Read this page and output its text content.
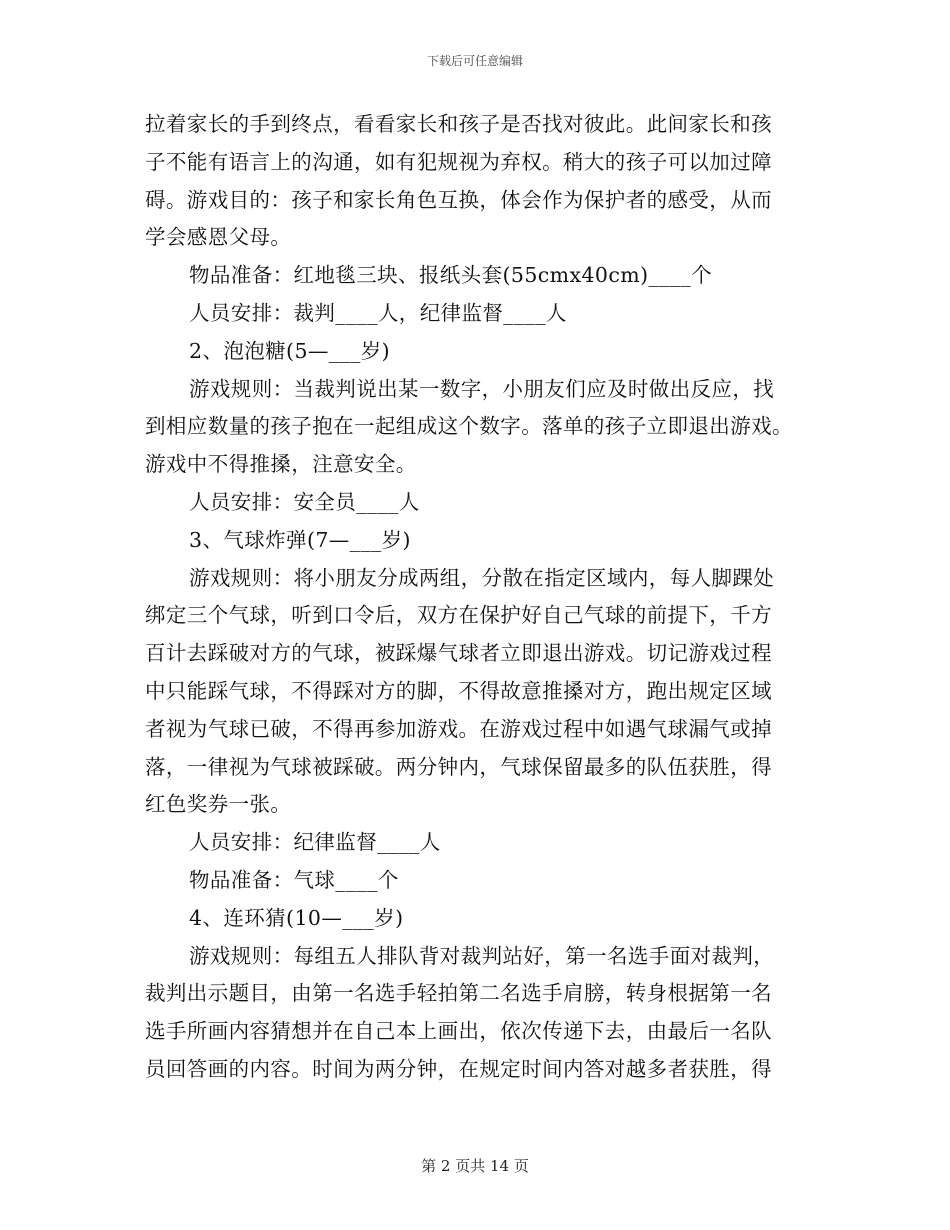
下载后可任意编辑
拉着家长的手到终点，看看家长和孩子是否找对彼此。此间家长和孩
子不能有语言上的沟通，如有犯规视为弃权。稍大的孩子可以加过障
碍。游戏目的：孩子和家长角色互换，体会作为保护者的感受，从而
学会感恩父母。
物品准备：红地毯三块、报纸头套(55cmx40cm)____个
人员安排：裁判____人，纪律监督____人
2、泡泡糖(5—___岁)
游戏规则：当裁判说出某一数字，小朋友们应及时做出反应，找
到相应数量的孩子抱在一起组成这个数字。落单的孩子立即退出游戏。
游戏中不得推搡，注意安全。
人员安排：安全员____人
3、气球炸弹(7—___岁)
游戏规则：将小朋友分成两组，分散在指定区域内，每人脚踝处
绑定三个气球，听到口令后，双方在保护好自己气球的前提下，千方
百计去踩破对方的气球，被踩爆气球者立即退出游戏。切记游戏过程
中只能踩气球，不得踩对方的脚，不得故意推搡对方，跑出规定区域
者视为气球已破，不得再参加游戏。在游戏过程中如遇气球漏气或掉
落，一律视为气球被踩破。两分钟内，气球保留最多的队伍获胜，得
红色奖券一张。
人员安排：纪律监督____人
物品准备：气球____个
4、连环猜(10—___岁)
游戏规则：每组五人排队背对裁判站好，第一名选手面对裁判，
裁判出示题目，由第一名选手轻拍第二名选手肩膀，转身根据第一名
选手所画内容猜想并在自己本上画出，依次传递下去，由最后一名队
员回答画的内容。时间为两分钟，在规定时间内答对越多者获胜，得
第 2 页共 14 页
